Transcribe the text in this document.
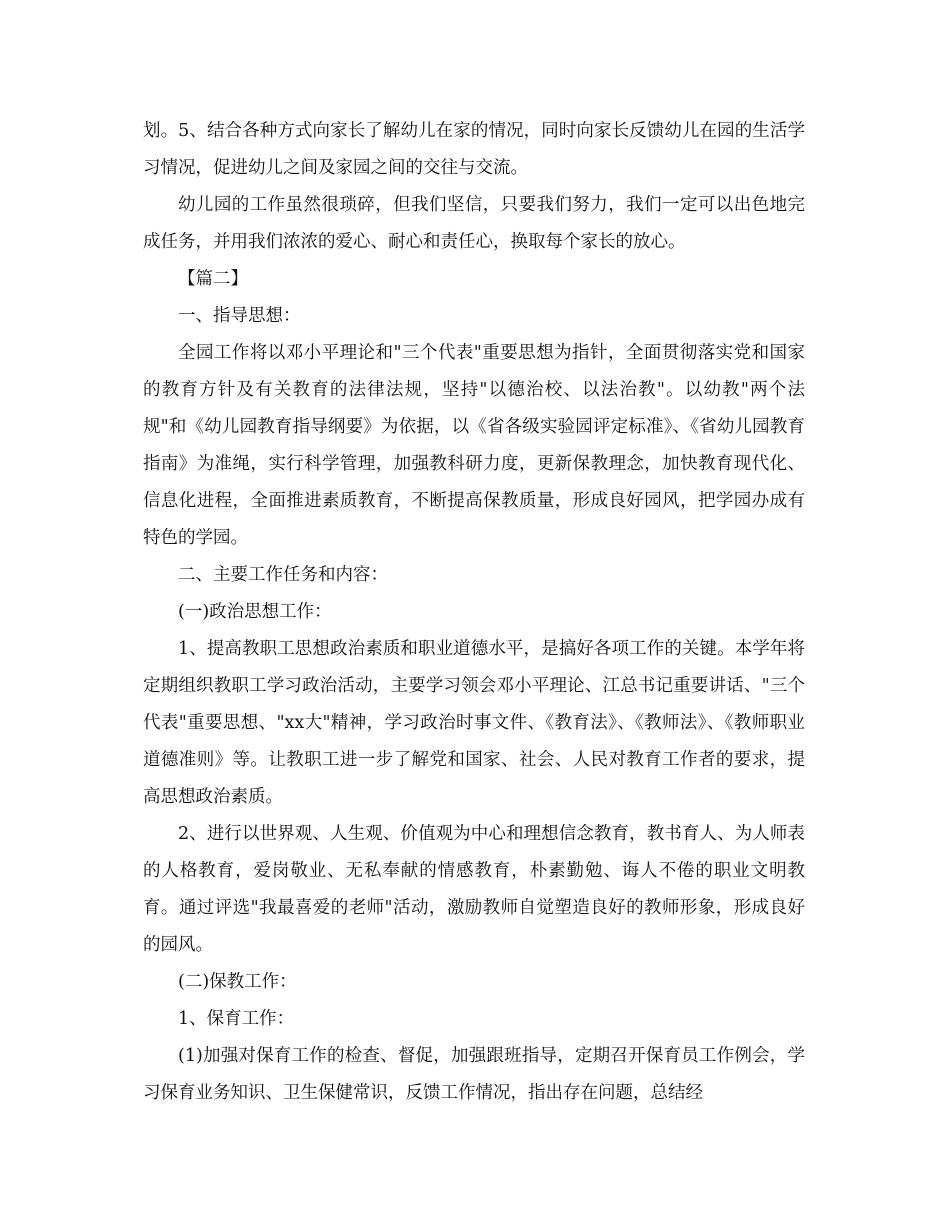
划。5、结合各种方式向家长了解幼儿在家的情况，同时向家长反馈幼儿在园的生活学习情况，促进幼儿之间及家园之间的交往与交流。

幼儿园的工作虽然很琐碎，但我们坚信，只要我们努力，我们一定可以出色地完成任务，并用我们浓浓的爱心、耐心和责任心，换取每个家长的放心。

【篇二】

一、指导思想：

全园工作将以邓小平理论和"三个代表"重要思想为指针，全面贯彻落实党和国家的教育方针及有关教育的法律法规，坚持"以德治校、以法治教"。以幼教"两个法规"和《幼儿园教育指导纲要》为依据，以《省各级实验园评定标准》、《省幼儿园教育指南》为准绳，实行科学管理，加强教科研力度，更新保教理念，加快教育现代化、信息化进程，全面推进素质教育，不断提高保教质量，形成良好园风，把学园办成有特色的学园。

二、主要工作任务和内容：

(一)政治思想工作：

1、提高教职工思想政治素质和职业道德水平，是搞好各项工作的关键。本学年将定期组织教职工学习政治活动，主要学习领会邓小平理论、江总书记重要讲话、"三个代表"重要思想、"xx大"精神，学习政治时事文件、《教育法》、《教师法》、《教师职业道德准则》等。让教职工进一步了解党和国家、社会、人民对教育工作者的要求，提高思想政治素质。

2、进行以世界观、人生观、价值观为中心和理想信念教育，教书育人、为人师表的人格教育，爱岗敬业、无私奉献的情感教育，朴素勤勉、诲人不倦的职业文明教育。通过评选"我最喜爱的老师"活动，激励教师自觉塑造良好的教师形象，形成良好的园风。

(二)保教工作：

1、保育工作：

(1)加强对保育工作的检查、督促，加强跟班指导，定期召开保育员工作例会，学习保育业务知识、卫生保健常识，反馈工作情况，指出存在问题，总结经
